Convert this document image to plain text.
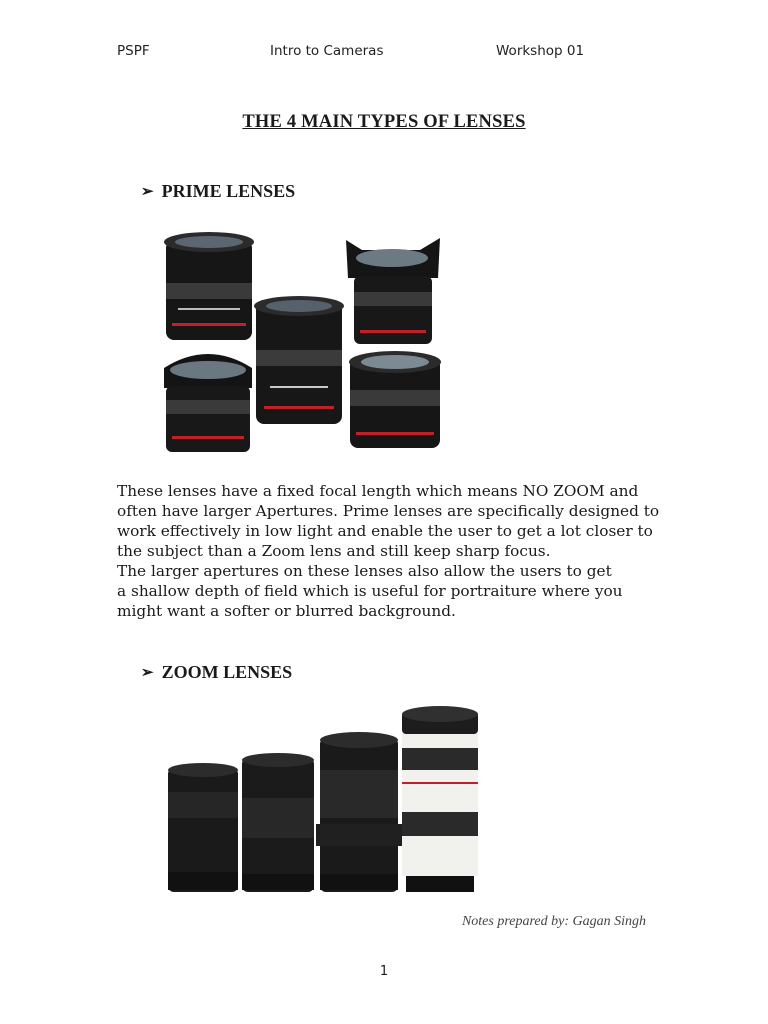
PSPF	Intro to Cameras	Workshop 01
THE 4 MAIN TYPES OF LENSES
➢ PRIME LENSES
These lenses have a fixed focal length which means NO ZOOM and
often have larger Apertures. Prime lenses are specifically designed to
work effectively in low light and enable the user to get a lot closer to
the subject than a Zoom lens and still keep sharp focus.
The larger apertures on these lenses also allow the users to get
a shallow depth of field which is useful for portraiture where you
might want a softer or blurred background.
➢ ZOOM LENSES
Notes prepared by: Gagan Singh
1
